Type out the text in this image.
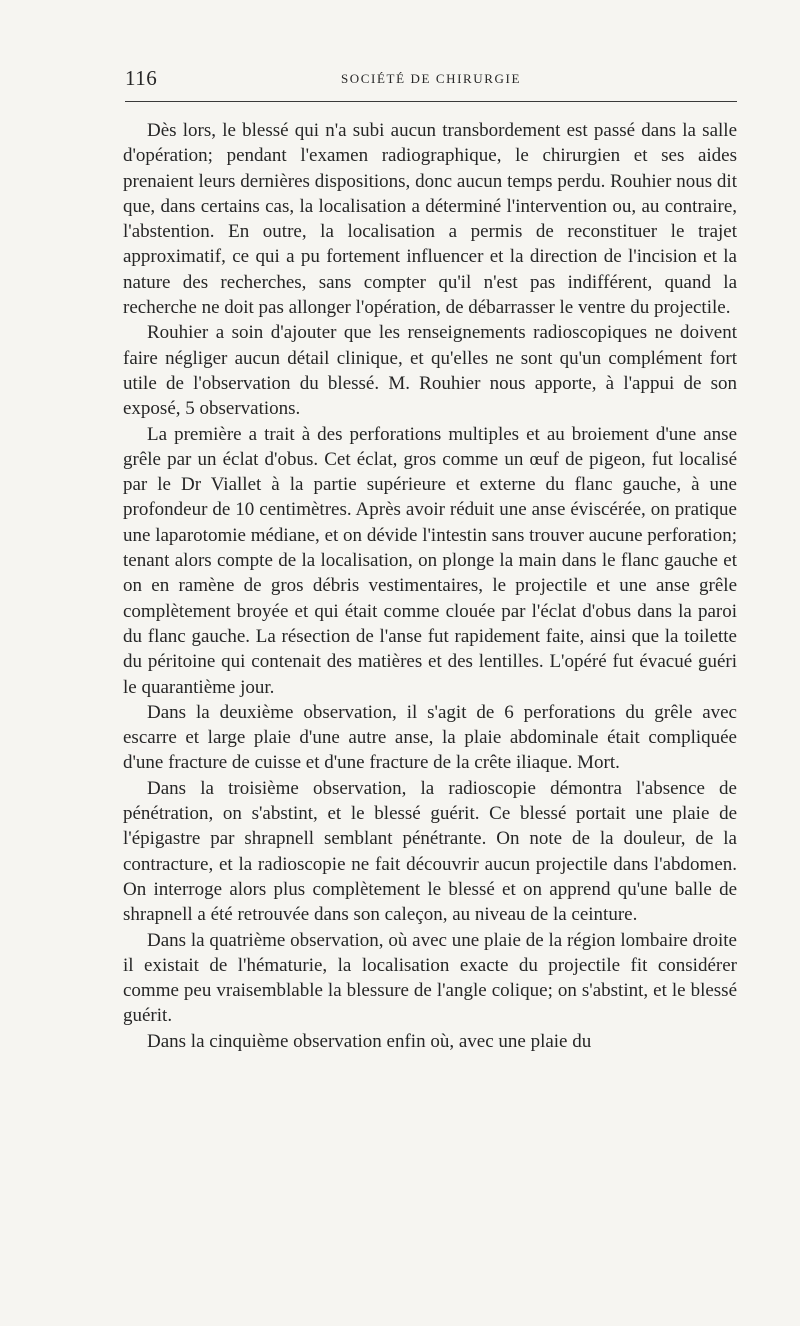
116	SOCIÉTÉ DE CHIRURGIE

Dès lors, le blessé qui n'a subi aucun transbordement est passé dans la salle d'opération; pendant l'examen radiographique, le chirurgien et ses aides prenaient leurs dernières dispositions, donc aucun temps perdu. Rouhier nous dit que, dans certains cas, la localisation a déterminé l'intervention ou, au contraire, l'abstention. En outre, la localisation a permis de reconstituer le trajet approximatif, ce qui a pu fortement influencer et la direction de l'incision et la nature des recherches, sans compter qu'il n'est pas indifférent, quand la recherche ne doit pas allonger l'opération, de débarrasser le ventre du projectile.

Rouhier a soin d'ajouter que les renseignements radioscopiques ne doivent faire négliger aucun détail clinique, et qu'elles ne sont qu'un complément fort utile de l'observation du blessé. M. Rouhier nous apporte, à l'appui de son exposé, 5 observations.

La première a trait à des perforations multiples et au broiement d'une anse grêle par un éclat d'obus. Cet éclat, gros comme un œuf de pigeon, fut localisé par le Dr Viallet à la partie supérieure et externe du flanc gauche, à une profondeur de 10 centimètres. Après avoir réduit une anse éviscérée, on pratique une laparotomie médiane, et on dévide l'intestin sans trouver aucune perforation; tenant alors compte de la localisation, on plonge la main dans le flanc gauche et on en ramène de gros débris vestimentaires, le projectile et une anse grêle complètement broyée et qui était comme clouée par l'éclat d'obus dans la paroi du flanc gauche. La résection de l'anse fut rapidement faite, ainsi que la toilette du péritoine qui contenait des matières et des lentilles. L'opéré fut évacué guéri le quarantième jour.

Dans la deuxième observation, il s'agit de 6 perforations du grêle avec escarre et large plaie d'une autre anse, la plaie abdominale était compliquée d'une fracture de cuisse et d'une fracture de la crête iliaque. Mort.

Dans la troisième observation, la radioscopie démontra l'absence de pénétration, on s'abstint, et le blessé guérit. Ce blessé portait une plaie de l'épigastre par shrapnell semblant pénétrante. On note de la douleur, de la contracture, et la radioscopie ne fait découvrir aucun projectile dans l'abdomen. On interroge alors plus complètement le blessé et on apprend qu'une balle de shrapnell a été retrouvée dans son caleçon, au niveau de la ceinture.

Dans la quatrième observation, où avec une plaie de la région lombaire droite il existait de l'hématurie, la localisation exacte du projectile fit considérer comme peu vraisemblable la blessure de l'angle colique; on s'abstint, et le blessé guérit.

Dans la cinquième observation enfin où, avec une plaie du
